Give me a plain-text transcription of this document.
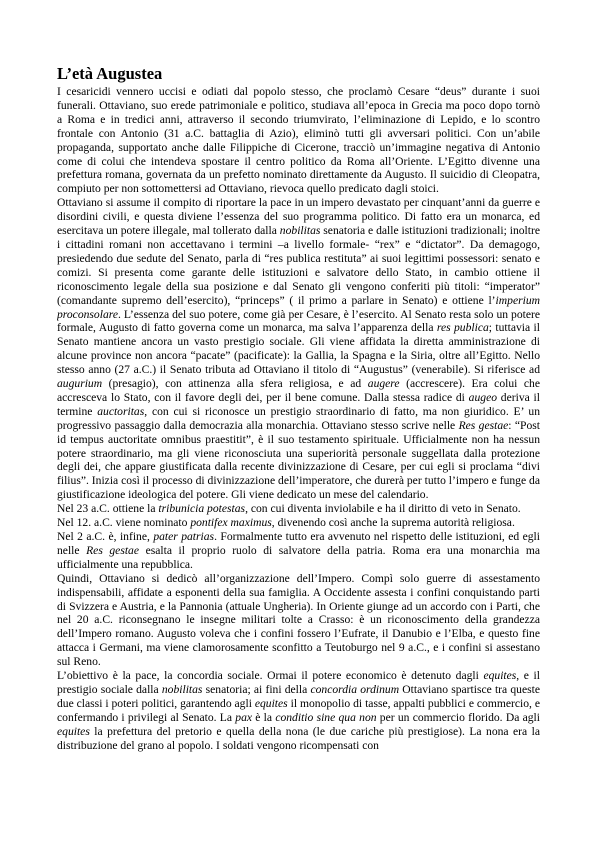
L’età Augustea

I cesaricidi vennero uccisi e odiati dal popolo stesso, che proclamò Cesare “deus” durante i suoi funerali. Ottaviano, suo erede patrimoniale e politico, studiava all’epoca in Grecia ma poco dopo tornò a Roma e in tredici anni, attraverso il secondo triumvirato, l’eliminazione di Lepido, e lo scontro frontale con Antonio (31 a.C. battaglia di Azio), eliminò tutti gli avversari politici. Con un’abile propaganda, supportato anche dalle Filippiche di Cicerone, tracciò un’immagine negativa di Antonio come di colui che intendeva spostare il centro politico da Roma all’Oriente. L’Egitto divenne una prefettura romana, governata da un prefetto nominato direttamente da Augusto. Il suicidio di Cleopatra, compiuto per non sottomettersi ad Ottaviano, rievoca quello predicato dagli stoici.

Ottaviano si assume il compito di riportare la pace in un impero devastato per cinquant’anni da guerre e disordini civili, e questa diviene l’essenza del suo programma politico. Di fatto era un monarca, ed esercitava un potere illegale, mal tollerato dalla nobilitas senatoria e dalle istituzioni tradizionali; inoltre i cittadini romani non accettavano i termini –a livello formale- “rex” e “dictator”. Da demagogo, presiedendo due sedute del Senato, parla di “res publica restituta” ai suoi legittimi possessori: senato e comizi. Si presenta come garante delle istituzioni e salvatore dello Stato, in cambio ottiene il riconoscimento legale della sua posizione e dal Senato gli vengono conferiti più titoli: “imperator” (comandante supremo dell’esercito), “princeps” ( il primo a parlare in Senato) e ottiene l’imperium proconsolare. L’essenza del suo potere, come già per Cesare, è l’esercito. Al Senato resta solo un potere formale, Augusto di fatto governa come un monarca, ma salva l’apparenza della res publica; tuttavia il Senato mantiene ancora un vasto prestigio sociale. Gli viene affidata la diretta amministrazione di alcune province non ancora “pacate” (pacificate): la Gallia, la Spagna e la Siria, oltre all’Egitto. Nello stesso anno (27 a.C.) il Senato tributa ad Ottaviano il titolo di “Augustus” (venerabile). Si riferisce ad augurium (presagio), con attinenza alla sfera religiosa, e ad augere (accrescere). Era colui che accresceva lo Stato, con il favore degli dei, per il bene comune. Dalla stessa radice di augeo deriva il termine auctoritas, con cui si riconosce un prestigio straordinario di fatto, ma non giuridico. E’ un progressivo passaggio dalla democrazia alla monarchia. Ottaviano stesso scrive nelle Res gestae: “Post id tempus auctoritate omnibus praestitit”, è il suo testamento spirituale. Ufficialmente non ha nessun potere straordinario, ma gli viene riconosciuta una superiorità personale suggellata dalla protezione degli dei, che appare giustificata dalla recente divinizzazione di Cesare, per cui egli si proclama “divi filius”. Inizia così il processo di divinizzazione dell’imperatore, che durerà per tutto l’impero e funge da giustificazione ideologica del potere. Gli viene dedicato un mese del calendario.

Nel 23 a.C. ottiene la tribunicia potestas, con cui diventa inviolabile e ha il diritto di veto in Senato.

Nel 12. a.C. viene nominato pontifex maximus, divenendo così anche la suprema autorità religiosa.

Nel 2 a.C. è, infine, pater patrias. Formalmente tutto era avvenuto nel rispetto delle istituzioni, ed egli nelle Res gestae esalta il proprio ruolo di salvatore della patria. Roma era una monarchia ma ufficialmente una repubblica.

Quindi, Ottaviano si dedicò all’organizzazione dell’Impero. Compì solo guerre di assestamento indispensabili, affidate a esponenti della sua famiglia. A Occidente assestа i confini conquistando parti di Svizzera e Austria, e la Pannonia (attuale Ungheria). In Oriente giunge ad un accordo con i Parti, che nel 20 a.C. riconsegnano le insegne militari tolte a Crasso: è un riconoscimento della grandezza dell’Impero romano. Augusto voleva che i confini fossero l’Eufrate, il Danubio e l’Elba, e questo fine attacca i Germani, ma viene clamorosamente sconfitto a Teutoburgo nel 9 a.C., e i confini si assestano sul Reno.

L’obiettivo è la pace, la concordia sociale. Ormai il potere economico è detenuto dagli equites, e il prestigio sociale dalla nobilitas senatoria; ai fini della concordia ordinum Ottaviano spartisce tra queste due classi i poteri politici, garantendo agli equites il monopolio di tasse, appalti pubblici e commercio, e confermando i privilegi al Senato. La pax è la conditio sine qua non per un commercio florido. Da agli equites la prefettura del pretorio e quella della nona (le due cariche più prestigiose). La nona era la distribuzione del grano al popolo. I soldati vengono ricompensati con
